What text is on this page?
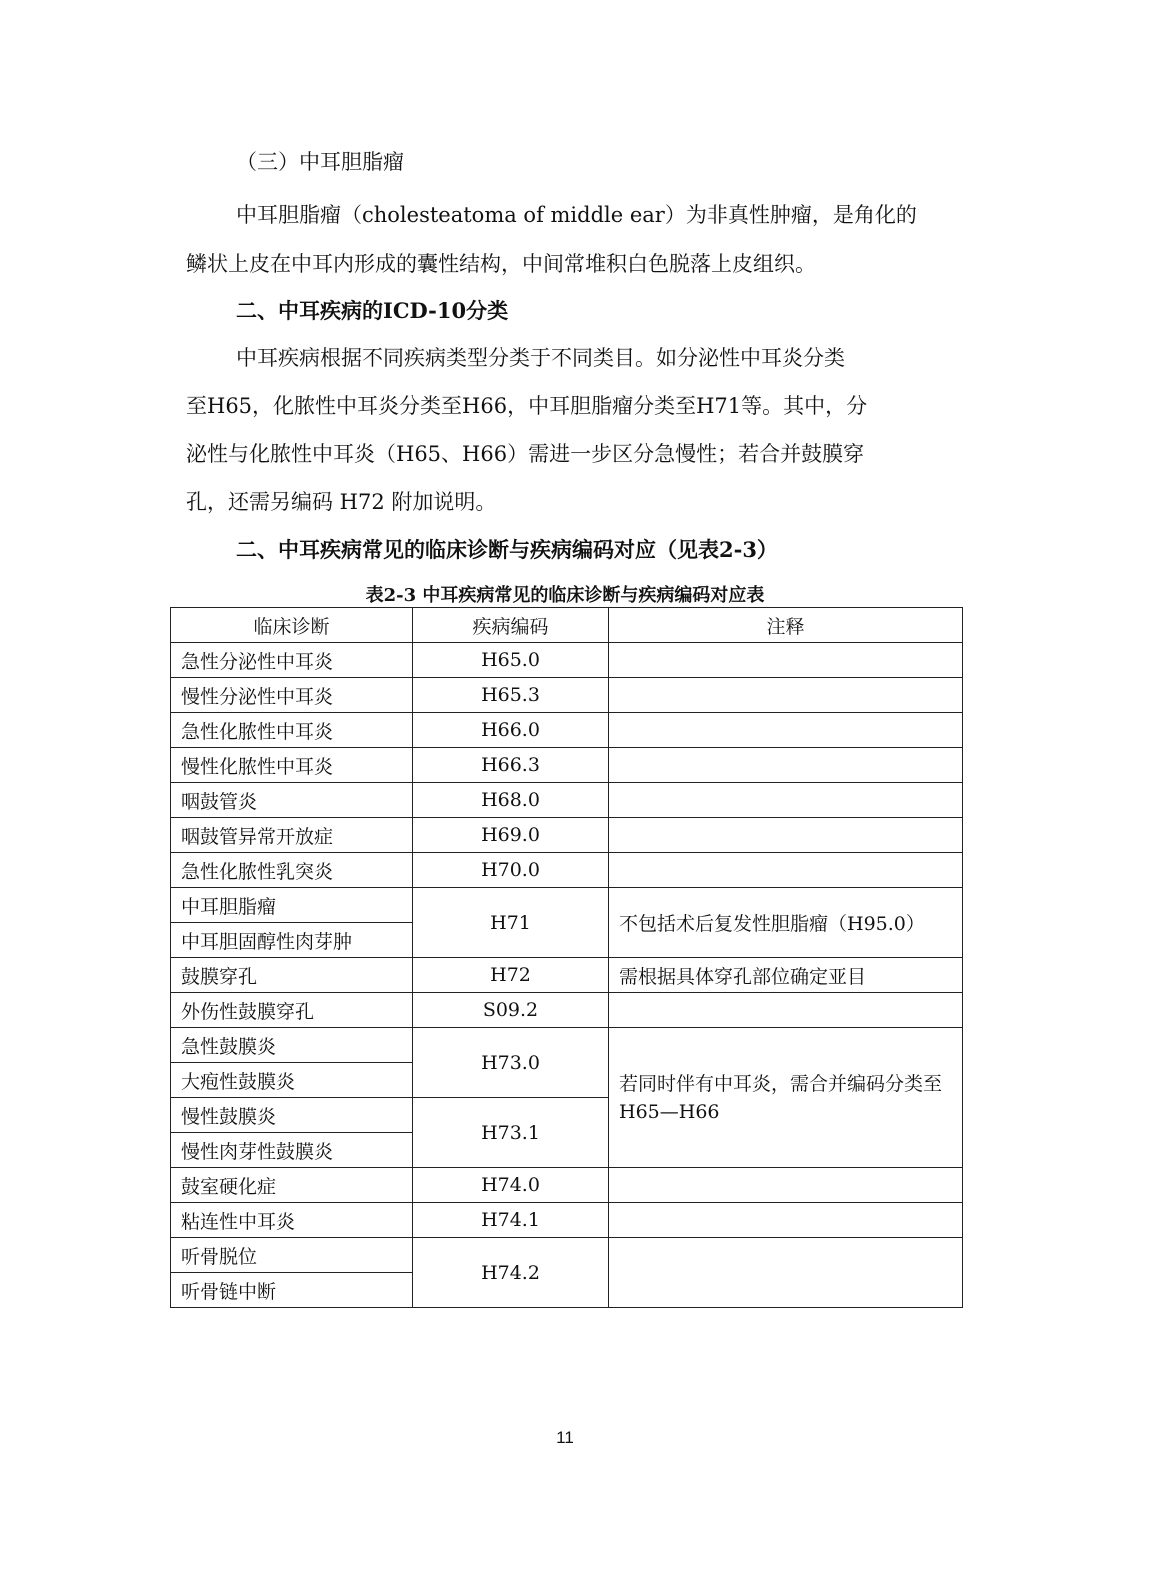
（三）中耳胆脂瘤
中耳胆脂瘤（cholesteatoma of middle ear）为非真性肿瘤，是角化的
鳞状上皮在中耳内形成的囊性结构，中间常堆积白色脱落上皮组织。
二、中耳疾病的ICD-10分类
中耳疾病根据不同疾病类型分类于不同类目。如分泌性中耳炎分类
至H65，化脓性中耳炎分类至H66，中耳胆脂瘤分类至H71等。其中，分
泌性与化脓性中耳炎（H65、H66）需进一步区分急慢性；若合并鼓膜穿
孔，还需另编码 H72 附加说明。
二、中耳疾病常见的临床诊断与疾病编码对应（见表2-3）
表2-3 中耳疾病常见的临床诊断与疾病编码对应表
临床诊断	疾病编码	注释
急性分泌性中耳炎	H65.0	
慢性分泌性中耳炎	H65.3	
急性化脓性中耳炎	H66.0	
慢性化脓性中耳炎	H66.3	
咽鼓管炎	H68.0	
咽鼓管异常开放症	H69.0	
急性化脓性乳突炎	H70.0	
中耳胆脂瘤	H71	不包括术后复发性胆脂瘤（H95.0）
中耳胆固醇性肉芽肿		
鼓膜穿孔	H72	需根据具体穿孔部位确定亚目
外伤性鼓膜穿孔	S09.2	
急性鼓膜炎	H73.0	若同时伴有中耳炎，需合并编码分类至H65—H66
大疱性鼓膜炎		
慢性鼓膜炎	H73.1	
慢性肉芽性鼓膜炎		
鼓室硬化症	H74.0	
粘连性中耳炎	H74.1	
听骨脱位	H74.2	
听骨链中断		
11
